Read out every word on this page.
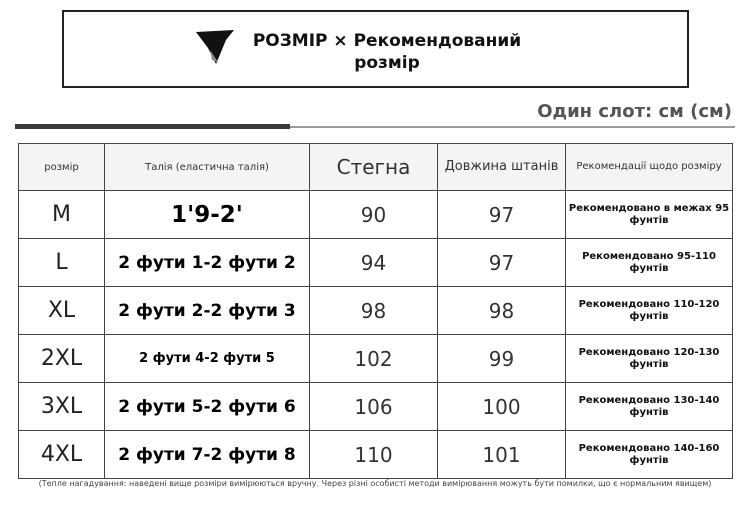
РОЗМІР × Рекомендований
розмір
Один слот: см (см)
розмір	Талія (еластична талія)	Стегна	Довжина штанів	Рекомендації щодо розміру
M	1'9-2'	90	97	Рекомендовано в межах 95 фунтів
L	2 фути 1-2 фути 2	94	97	Рекомендовано 95-110 фунтів
XL	2 фути 2-2 фути 3	98	98	Рекомендовано 110-120 фунтів
2XL	2 фути 4-2 фути 5	102	99	Рекомендовано 120-130 фунтів
3XL	2 фути 5-2 фути 6	106	100	Рекомендовано 130-140 фунтів
4XL	2 фути 7-2 фути 8	110	101	Рекомендовано 140-160 фунтів
(Тепле нагадування: наведені вище розміри вимірюються вручну. Через різні особисті методи вимірювання можуть бути помилки, що є нормальним явищем)
